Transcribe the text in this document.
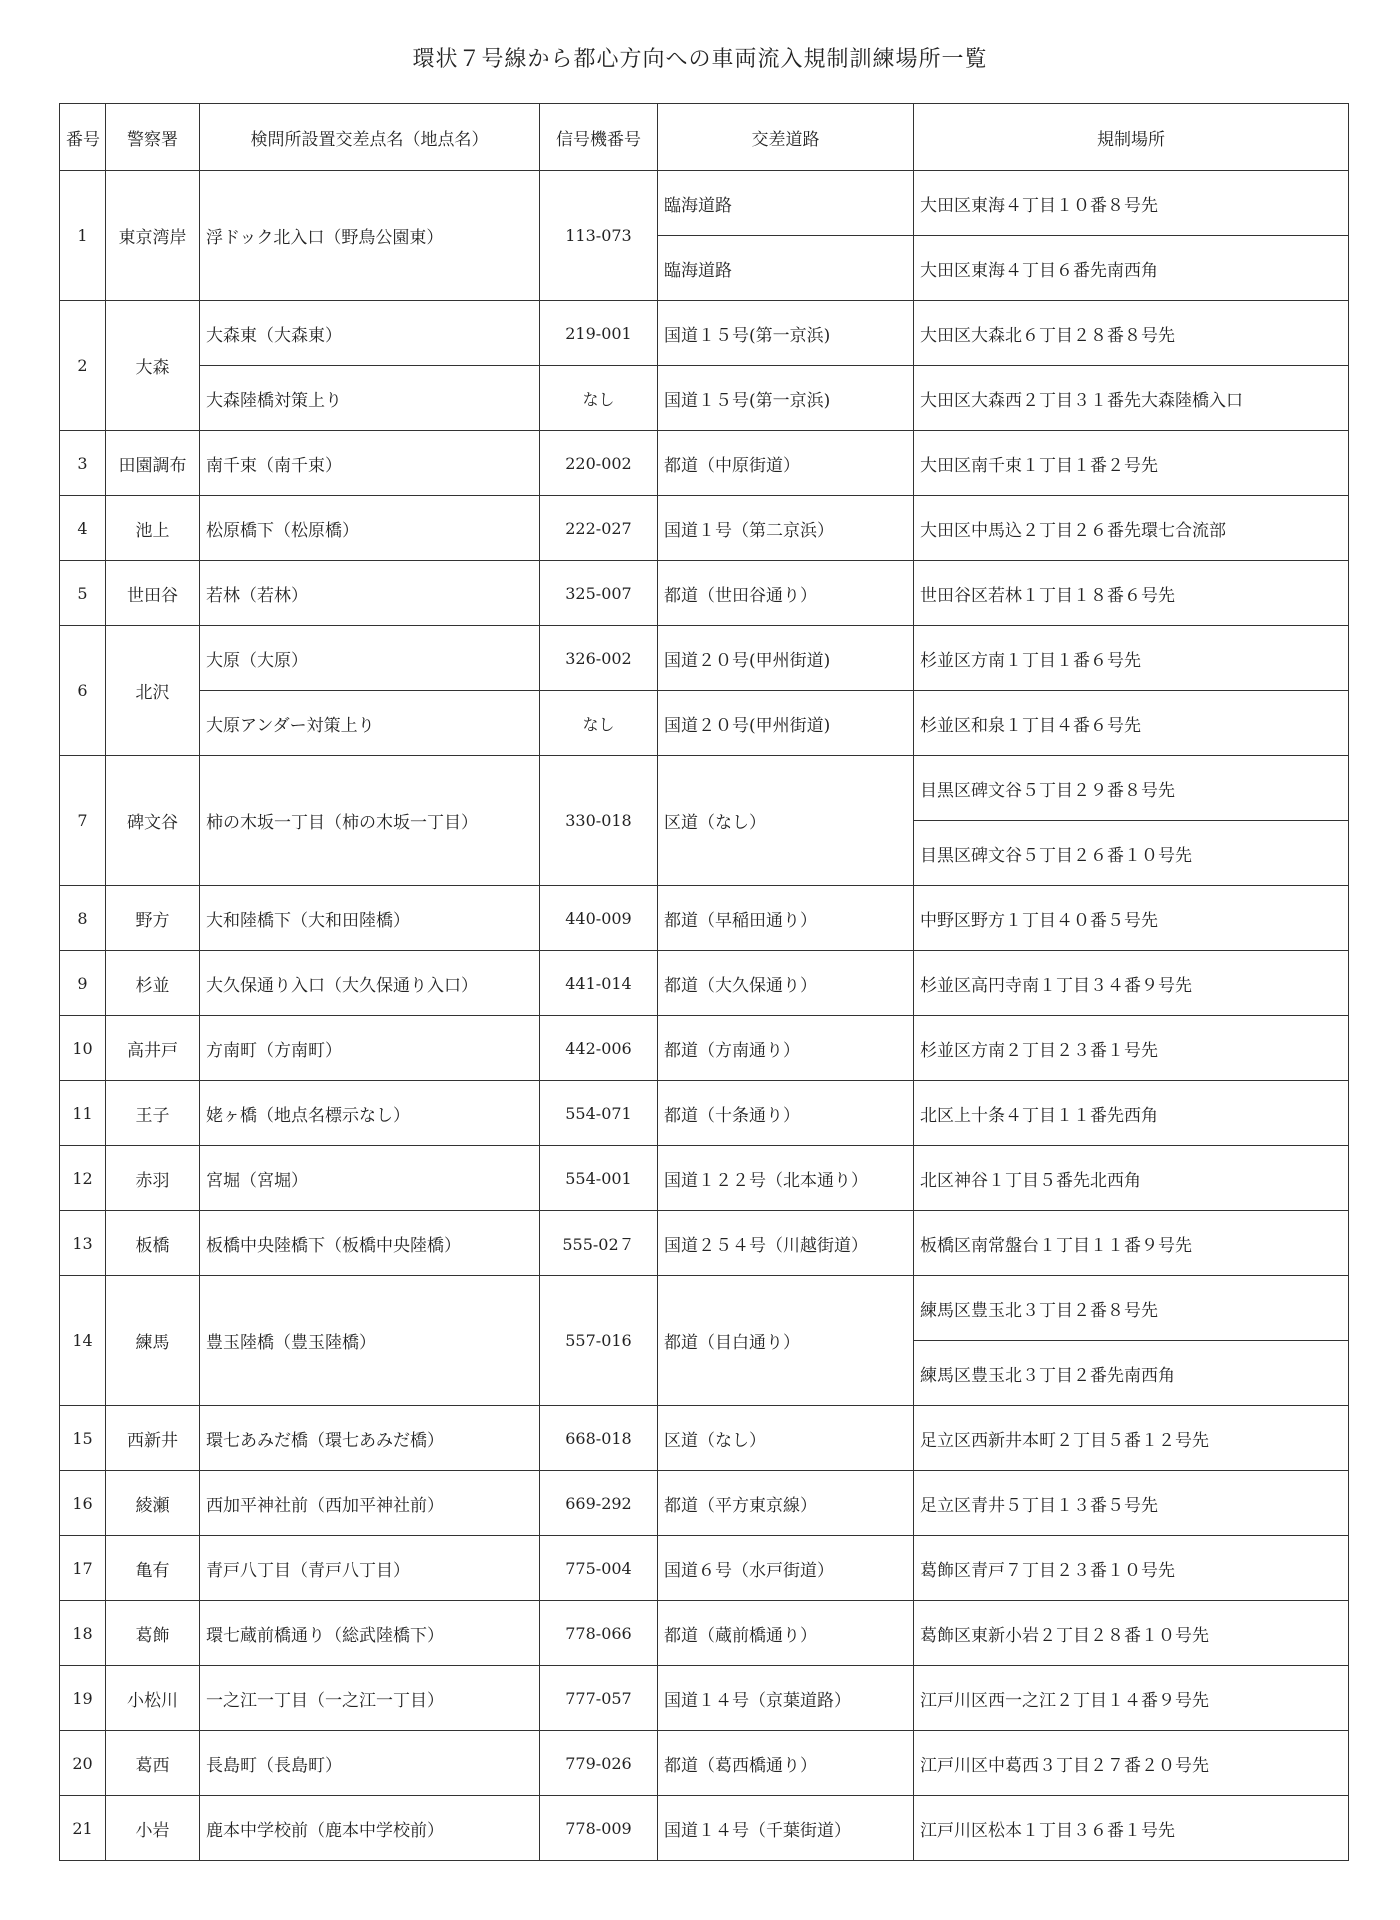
環状７号線から都心方向への車両流入規制訓練場所一覧
番号	警察署	検問所設置交差点名（地点名）	信号機番号	交差道路	規制場所
1	東京湾岸	浮ドック北入口（野鳥公園東）	113-073	臨海道路	大田区東海４丁目１０番８号先
				臨海道路	大田区東海４丁目６番先南西角
2	大森	大森東（大森東）	219-001	国道１５号(第一京浜)	大田区大森北６丁目２８番８号先
		大森陸橋対策上り	なし	国道１５号(第一京浜)	大田区大森西２丁目３１番先大森陸橋入口
3	田園調布	南千束（南千束）	220-002	都道（中原街道）	大田区南千束１丁目１番２号先
4	池上	松原橋下（松原橋）	222-027	国道１号（第二京浜）	大田区中馬込２丁目２６番先環七合流部
5	世田谷	若林（若林）	325-007	都道（世田谷通り）	世田谷区若林１丁目１８番６号先
6	北沢	大原（大原）	326-002	国道２０号(甲州街道)	杉並区方南１丁目１番６号先
		大原アンダー対策上り	なし	国道２０号(甲州街道)	杉並区和泉１丁目４番６号先
7	碑文谷	柿の木坂一丁目（柿の木坂一丁目）	330-018	区道（なし）	目黒区碑文谷５丁目２９番８号先
					目黒区碑文谷５丁目２６番１０号先
8	野方	大和陸橋下（大和田陸橋）	440-009	都道（早稲田通り）	中野区野方１丁目４０番５号先
9	杉並	大久保通り入口（大久保通り入口）	441-014	都道（大久保通り）	杉並区高円寺南１丁目３４番９号先
10	高井戸	方南町（方南町）	442-006	都道（方南通り）	杉並区方南２丁目２３番１号先
11	王子	姥ヶ橋（地点名標示なし）	554-071	都道（十条通り）	北区上十条４丁目１１番先西角
12	赤羽	宮堀（宮堀）	554-001	国道１２２号（北本通り）	北区神谷１丁目５番先北西角
13	板橋	板橋中央陸橋下（板橋中央陸橋）	555-02７	国道２５４号（川越街道）	板橋区南常盤台１丁目１１番９号先
14	練馬	豊玉陸橋（豊玉陸橋）	557-016	都道（目白通り）	練馬区豊玉北３丁目２番８号先
					練馬区豊玉北３丁目２番先南西角
15	西新井	環七あみだ橋（環七あみだ橋）	668-018	区道（なし）	足立区西新井本町２丁目５番１２号先
16	綾瀬	西加平神社前（西加平神社前）	669-292	都道（平方東京線）	足立区青井５丁目１３番５号先
17	亀有	青戸八丁目（青戸八丁目）	775-004	国道６号（水戸街道）	葛飾区青戸７丁目２３番１０号先
18	葛飾	環七蔵前橋通り（総武陸橋下）	778-066	都道（蔵前橋通り）	葛飾区東新小岩２丁目２８番１０号先
19	小松川	一之江一丁目（一之江一丁目）	777-057	国道１４号（京葉道路）	江戸川区西一之江２丁目１４番９号先
20	葛西	長島町（長島町）	779-026	都道（葛西橋通り）	江戸川区中葛西３丁目２７番２０号先
21	小岩	鹿本中学校前（鹿本中学校前）	778-009	国道１４号（千葉街道）	江戸川区松本１丁目３６番１号先
